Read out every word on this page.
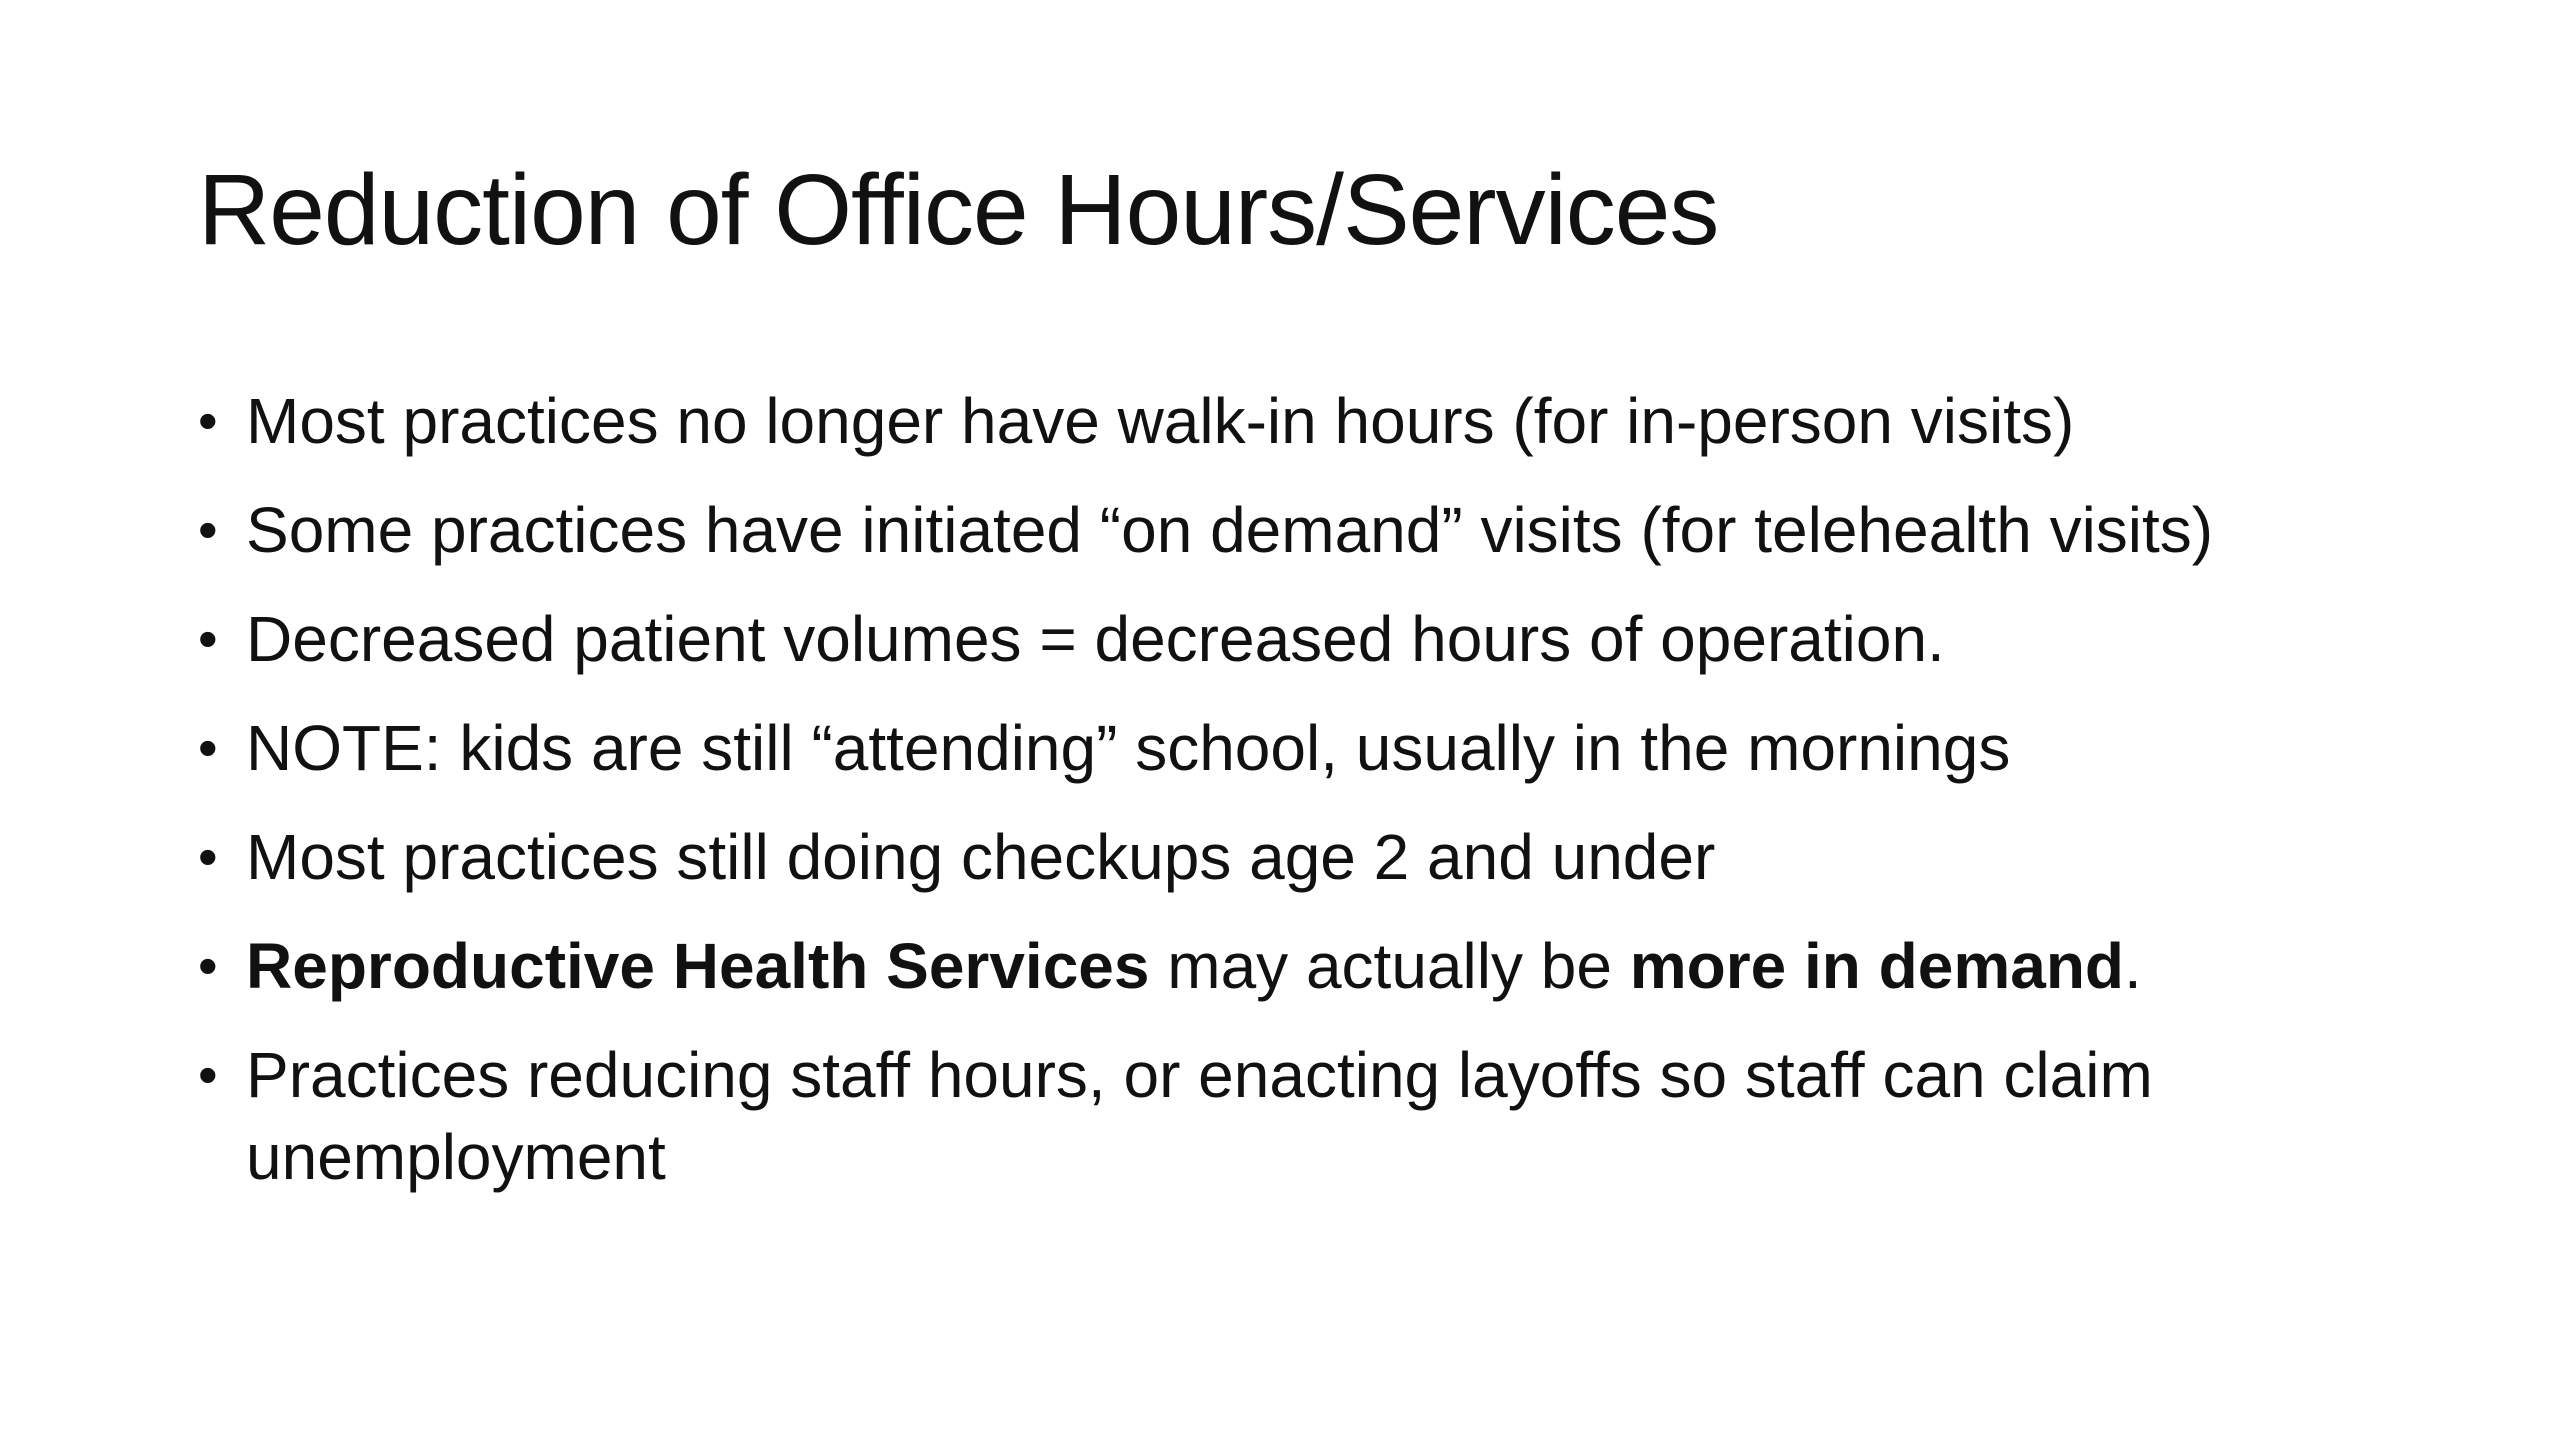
Reduction of Office Hours/Services
• Most practices no longer have walk-in hours (for in-person visits)
• Some practices have initiated “on demand” visits (for telehealth visits)
• Decreased patient volumes = decreased hours of operation.
• NOTE: kids are still “attending” school, usually in the mornings
• Most practices still doing checkups age 2 and under
• Reproductive Health Services may actually be more in demand.
• Practices reducing staff hours, or enacting layoffs so staff can claim unemployment
